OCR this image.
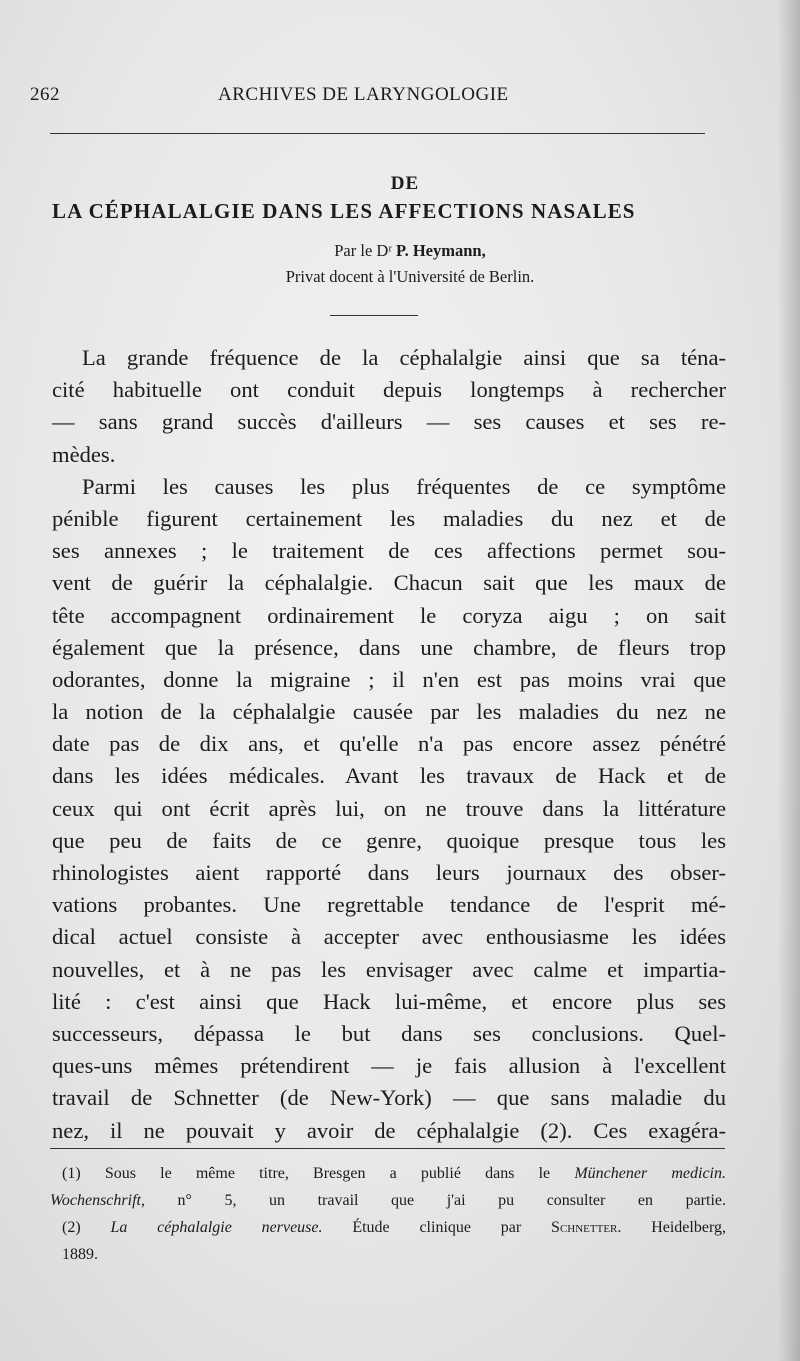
262	ARCHIVES DE LARYNGOLOGIE
DE
LA CÉPHALALGIE DANS LES AFFECTIONS NASALES
Par le Dʳ P. Heymann,
Privat docent à l'Université de Berlin.
La grande fréquence de la céphalalgie ainsi que sa téna-
cité habituelle ont conduit depuis longtemps à rechercher
— sans grand succès d'ailleurs — ses causes et ses re-
mèdes.
Parmi les causes les plus fréquentes de ce symptôme
pénible figurent certainement les maladies du nez et de
ses annexes ; le traitement de ces affections permet sou-
vent de guérir la céphalalgie. Chacun sait que les maux de
tête accompagnent ordinairement le coryza aigu ; on sait
également que la présence, dans une chambre, de fleurs trop
odorantes, donne la migraine ; il n'en est pas moins vrai que
la notion de la céphalalgie causée par les maladies du nez ne
date pas de dix ans, et qu'elle n'a pas encore assez pénétré
dans les idées médicales. Avant les travaux de Hack et de
ceux qui ont écrit après lui, on ne trouve dans la littérature
que peu de faits de ce genre, quoique presque tous les
rhinologistes aient rapporté dans leurs journaux des obser-
vations probantes. Une regrettable tendance de l'esprit mé-
dical actuel consiste à accepter avec enthousiasme les idées
nouvelles, et à ne pas les envisager avec calme et impartia-
lité : c'est ainsi que Hack lui-même, et encore plus ses
successeurs, dépassa le but dans ses conclusions. Quel-
ques-uns mêmes prétendirent — je fais allusion à l'excellent
travail de Schnetter (de New-York) — que sans maladie du
nez, il ne pouvait y avoir de céphalalgie (2). Ces exagéra-
(1) Sous le même titre, Bresgen a publié dans le Münchener medicin.
Wochenschrift, n° 5, un travail que j'ai pu consulter en partie.
(2) La céphalalgie nerveuse. Étude clinique par Schnetter. Heidelberg,
1889.
